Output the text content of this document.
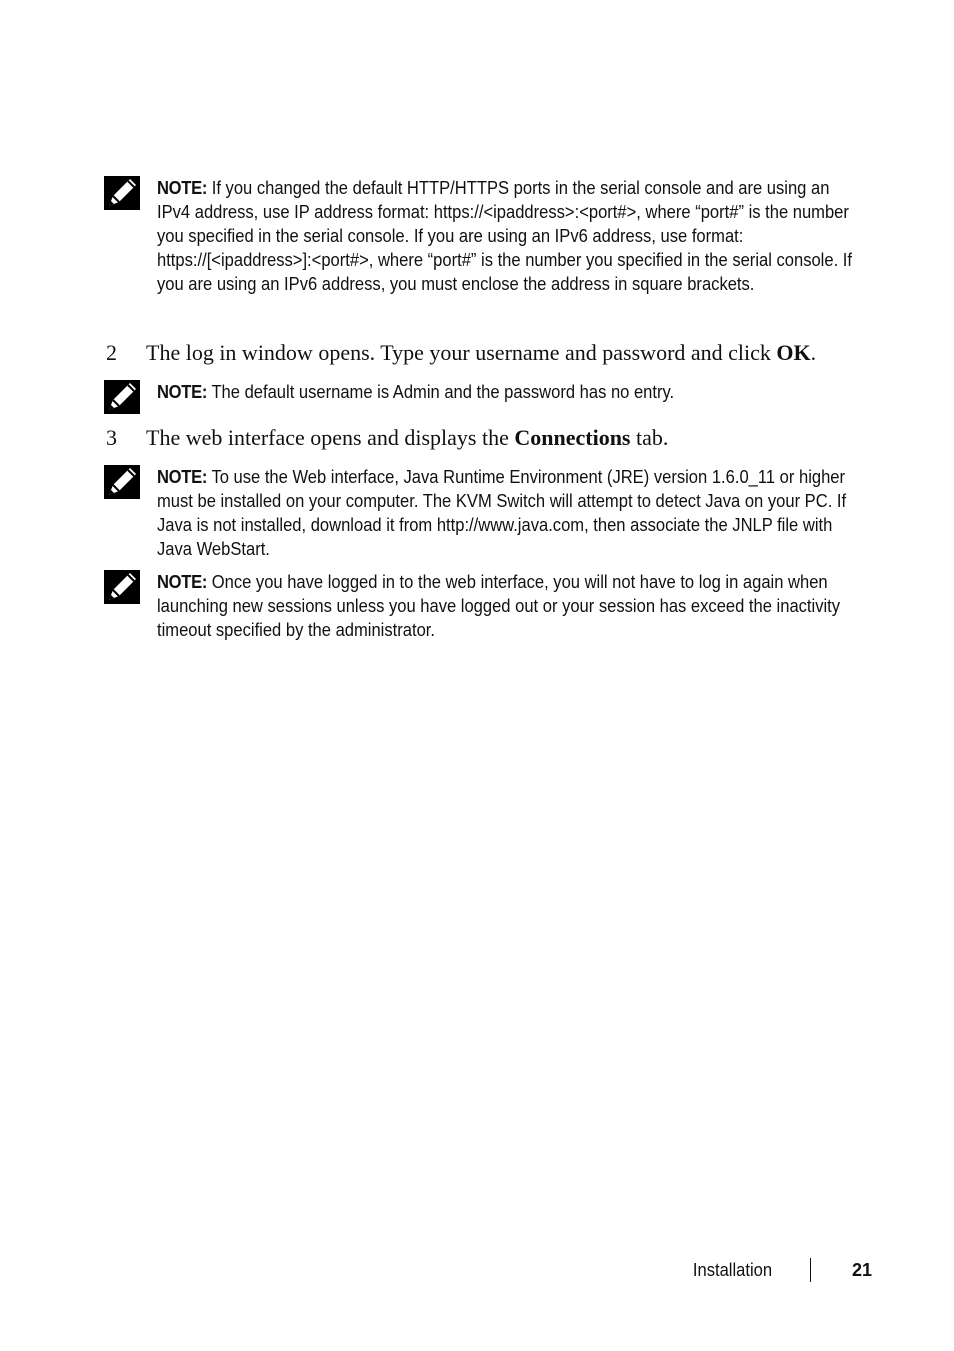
NOTE: If you changed the default HTTP/HTTPS ports in the serial console and are using an IPv4 address, use IP address format: https://<ipaddress>:<port#>, where “port#” is the number you specified in the serial console. If you are using an IPv6 address, use format: https://[<ipaddress>]:<port#>, where “port#” is the number you specified in the serial console. If you are using an IPv6 address, you must enclose the address in square brackets.
2 The log in window opens. Type your username and password and click OK.
NOTE: The default username is Admin and the password has no entry.
3 The web interface opens and displays the Connections tab.
NOTE: To use the Web interface, Java Runtime Environment (JRE) version 1.6.0_11 or higher must be installed on your computer. The KVM Switch will attempt to detect Java on your PC. If Java is not installed, download it from http://www.java.com, then associate the JNLP file with Java WebStart.
NOTE: Once you have logged in to the web interface, you will not have to log in again when launching new sessions unless you have logged out or your session has exceed the inactivity timeout specified by the administrator.
Installation	21
